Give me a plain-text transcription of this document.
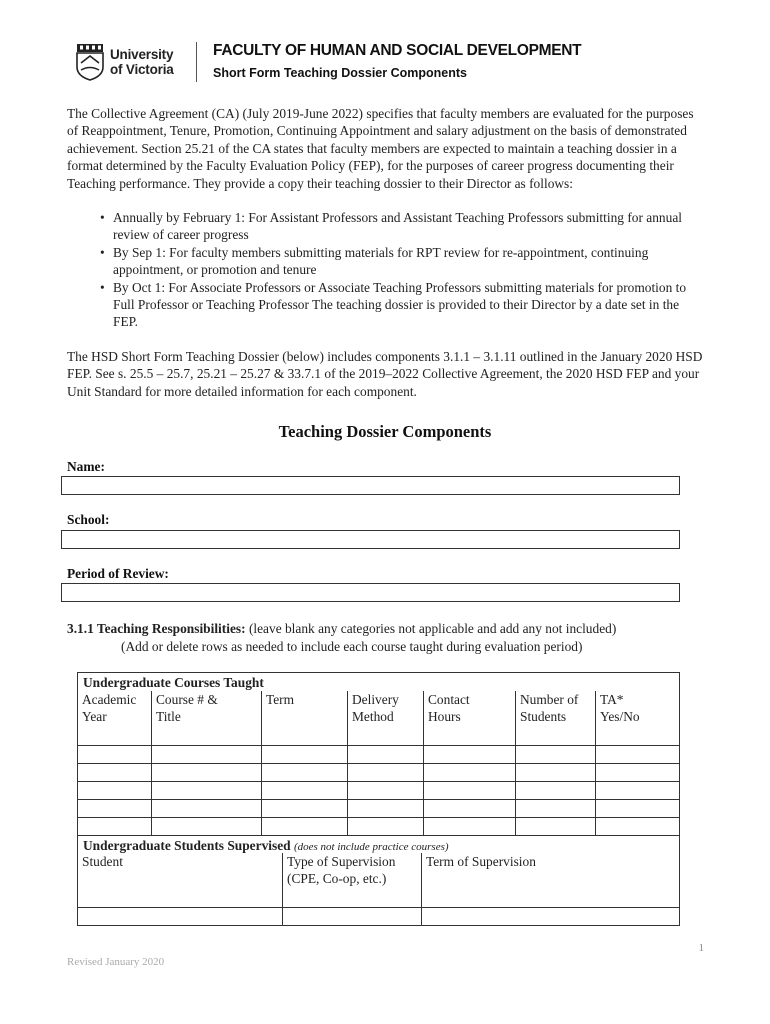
University
of Victoria
FACULTY OF HUMAN AND SOCIAL DEVELOPMENT
Short Form Teaching Dossier Components
The Collective Agreement (CA) (July 2019-June 2022) specifies that faculty members are evaluated for the purposes of Reappointment, Tenure, Promotion, Continuing Appointment and salary adjustment on the basis of demonstrated achievement. Section 25.21 of the CA states that faculty members are expected to maintain a teaching dossier in a format determined by the Faculty Evaluation Policy (FEP), for the purposes of career progress documenting their Teaching performance. They provide a copy their teaching dossier to their Director as follows:
• Annually by February 1: For Assistant Professors and Assistant Teaching Professors submitting for annual review of career progress
• By Sep 1: For faculty members submitting materials for RPT review for re-appointment, continuing appointment, or promotion and tenure
• By Oct 1: For Associate Professors or Associate Teaching Professors submitting materials for promotion to Full Professor or Teaching Professor The teaching dossier is provided to their Director by a date set in the FEP.
The HSD Short Form Teaching Dossier (below) includes components 3.1.1 – 3.1.11 outlined in the January 2020 HSD FEP. See s. 25.5 – 25.7, 25.21 – 25.27 & 33.7.1 of the 2019–2022 Collective Agreement, the 2020 HSD FEP and your Unit Standard for more detailed information for each component.
Teaching Dossier Components
Name:
School:
Period of Review:
3.1.1 Teaching Responsibilities: (leave blank any categories not applicable and add any not included)
(Add or delete rows as needed to include each course taught during evaluation period)
Undergraduate Courses Taught
Academic
Year
Course # &
Title
Term	Delivery
Method
Contact
Hours
Number of
Students
TA*
Yes/No
Undergraduate Students Supervised (does not include practice courses)
Student	Type of Supervision
(CPE, Co-op, etc.)
Term of Supervision
1
Revised January 2020
